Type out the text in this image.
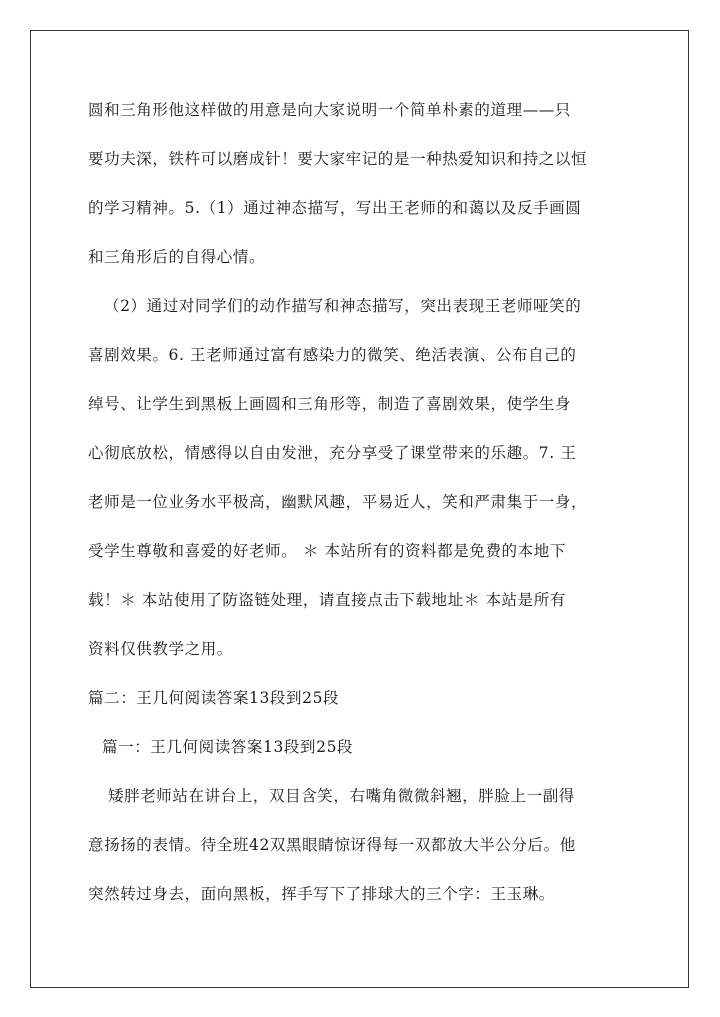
圆和三角形他这样做的用意是向大家说明一个简单朴素的道理——只
要功夫深，铁杵可以磨成针！要大家牢记的是一种热爱知识和持之以恒
的学习精神。5.（1）通过神态描写，写出王老师的和蔼以及反手画圆
和三角形后的自得心情。
（2）通过对同学们的动作描写和神态描写，突出表现王老师哑笑的
喜剧效果。6. 王老师通过富有感染力的微笑、绝活表演、公布自己的
绰号、让学生到黑板上画圆和三角形等，制造了喜剧效果，使学生身
心彻底放松，情感得以自由发泄，充分享受了课堂带来的乐趣。7. 王
老师是一位业务水平极高，幽默风趣，平易近人，笑和严肃集于一身，
受学生尊敬和喜爱的好老师。 ＊ 本站所有的资料都是免费的本地下
载！＊ 本站使用了防盗链处理，请直接点击下载地址＊ 本站是所有
资料仅供教学之用。
篇二：王几何阅读答案13段到25段
篇一：王几何阅读答案13段到25段
矮胖老师站在讲台上，双目含笑，右嘴角微微斜翘，胖脸上一副得
意扬扬的表情。待全班42双黑眼睛惊讶得每一双都放大半公分后。他
突然转过身去，面向黑板，挥手写下了排球大的三个字：王玉琳。
